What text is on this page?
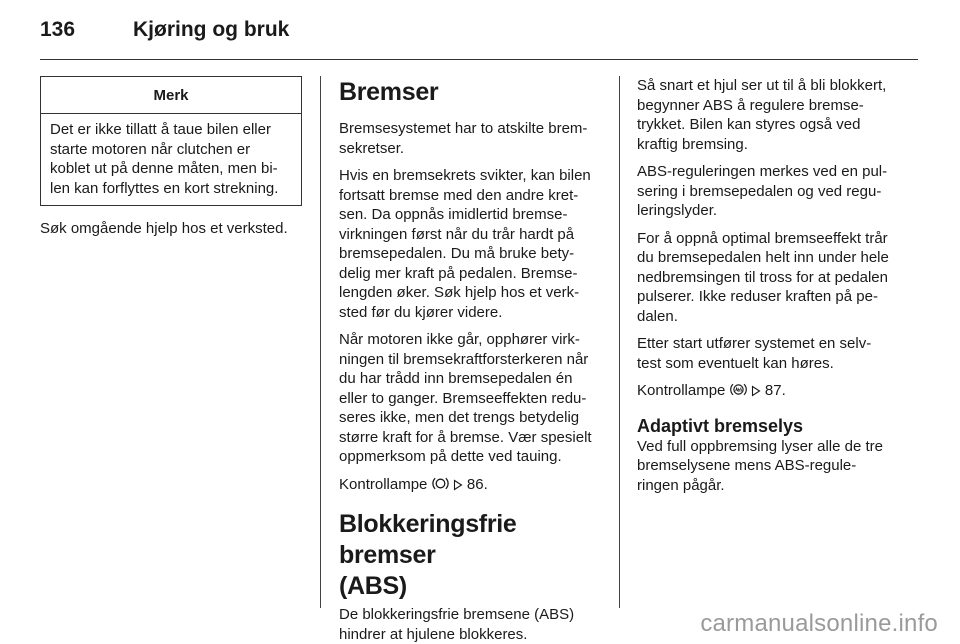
136	Kjøring og bruk
Merk
Det er ikke tillatt å taue bilen eller
starte motoren når clutchen er
koblet ut på denne måten, men bi-
len kan forflyttes en kort strekning.

Søk omgående hjelp hos et verksted.

Bremser

Bremsesystemet har to atskilte brem-
sekretser.

Hvis en bremsekrets svikter, kan bilen
fortsatt bremse med den andre kret-
sen. Da oppnås imidlertid bremse-
virkningen først når du trår hardt på
bremsepedalen. Du må bruke bety-
delig mer kraft på pedalen. Bremse-
lengden øker. Søk hjelp hos et verk-
sted før du kjører videre.

Når motoren ikke går, opphører virk-
ningen til bremsekraftforsterkeren når
du har trådd inn bremsepedalen én
eller to ganger. Bremseeffekten redu-
seres ikke, men det trengs betydelig
større kraft for å bremse. Vær spesielt
oppmerksom på dette ved tauing.

Kontrollampe	86.

Blokkeringsfrie bremser
(ABS)

De blokkeringsfrie bremsene (ABS)
hindrer at hjulene blokkeres.

Så snart et hjul ser ut til å bli blokkert,
begynner ABS å regulere bremse-
trykket. Bilen kan styres også ved
kraftig bremsing.

ABS-reguleringen merkes ved en pul-
sering i bremsepedalen og ved regu-
leringslyder.

For å oppnå optimal bremseeffekt trår
du bremsepedalen helt inn under hele
nedbremsingen til tross for at pedalen
pulserer. Ikke reduser kraften på pe-
dalen.

Etter start utfører systemet en selv-
test som eventuelt kan høres.

Kontrollampe	87.

Adaptivt bremselys

Ved full oppbremsing lyser alle de tre
bremselysene mens ABS-regule-
ringen pågår.

carmanualsonline.info
